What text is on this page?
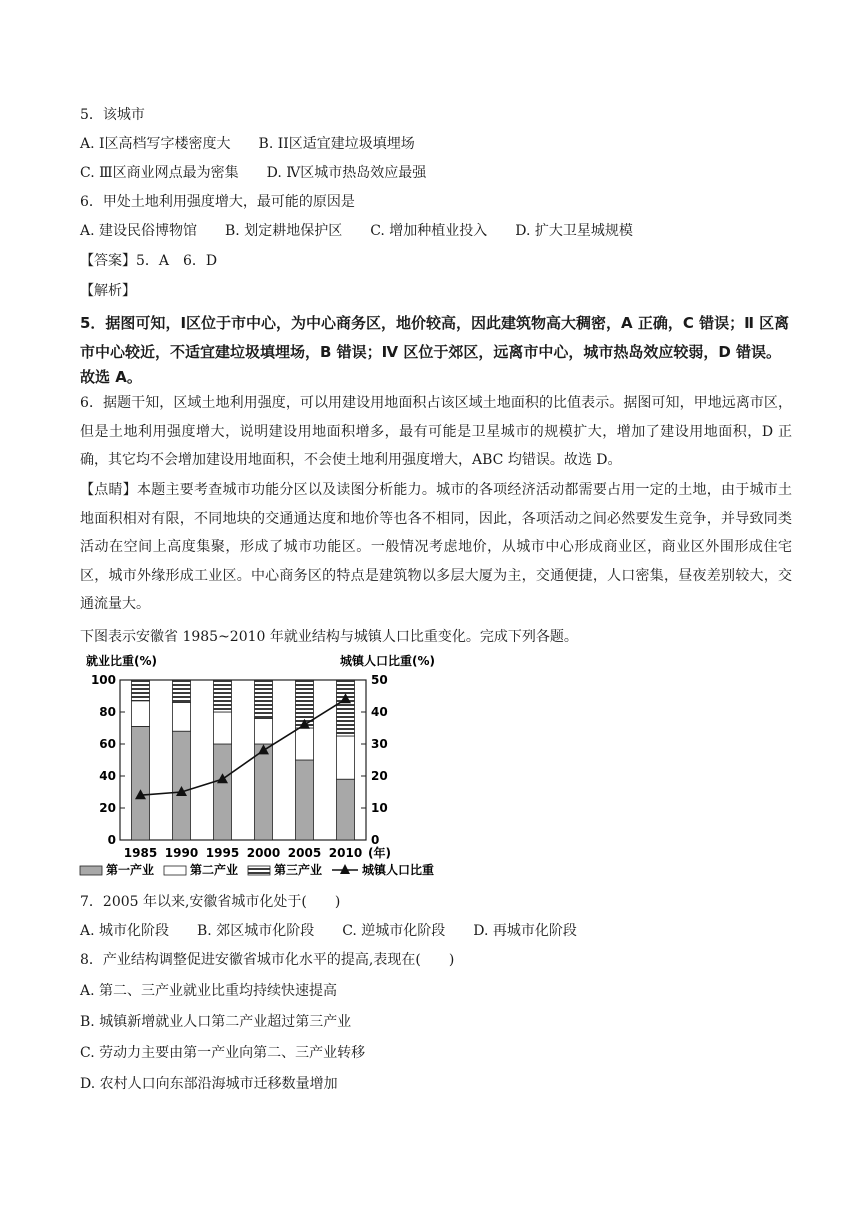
5．该城市
A. Ⅰ区高档写字楼密度大　　B. ⅠⅠ区适宜建垃圾填埋场
C. Ⅲ区商业网点最为密集　　D. Ⅳ区城市热岛效应最强
6．甲处土地利用强度增大，最可能的原因是
A. 建设民俗博物馆　　B. 划定耕地保护区　　C. 增加种植业投入　　D. 扩大卫星城规模
【答案】5．A　6．D
【解析】
5．据图可知，Ⅰ区位于市中心，为中心商务区，地价较高，因此建筑物高大稠密，A 正确，C 错误；Ⅱ 区离
市中心较近，不适宜建垃圾填埋场，B 错误；Ⅳ 区位于郊区，远离市中心，城市热岛效应较弱，D 错误。
故选 A。
6．据题干知，区域土地利用强度，可以用建设用地面积占该区域土地面积的比值表示。据图可知，甲地远离市区，但是土地利用强度增大，说明建设用地面积增多，最有可能是卫星城市的规模扩大，增加了建设用地面积，D 正确，其它均不会增加建设用地面积，不会使土地利用强度增大，ABC 均错误。故选 D。
【点睛】本题主要考查城市功能分区以及读图分析能力。城市的各项经济活动都需要占用一定的土地，由于城市土地面积相对有限，不同地块的交通通达度和地价等也各不相同，因此，各项活动之间必然要发生竞争，并导致同类活动在空间上高度集聚，形成了城市功能区。一般情况考虑地价，从城市中心形成商业区，商业区外围形成住宅区，城市外缘形成工业区。中心商务区的特点是建筑物以多层大厦为主，交通便捷，人口密集，昼夜差别较大，交通流量大。
下图表示安徽省 1985~2010 年就业结构与城镇人口比重变化。完成下列各题。
就业比重(%)	城镇人口比重(%)
0
20
40
60
80
100
0
10
20
30
40
50
1985 1990 1995 2000 2005 2010 (年)
第一产业	第二产业	第三产业	城镇人口比重
7．2005 年以来,安徽省城市化处于(　　)
A. 城市化阶段　　B. 郊区城市化阶段　　C. 逆城市化阶段　　D. 再城市化阶段
8．产业结构调整促进安徽省城市化水平的提高,表现在(　　)
A. 第二、三产业就业比重均持续快速提高
B. 城镇新增就业人口第二产业超过第三产业
C. 劳动力主要由第一产业向第二、三产业转移
D. 农村人口向东部沿海城市迁移数量增加
